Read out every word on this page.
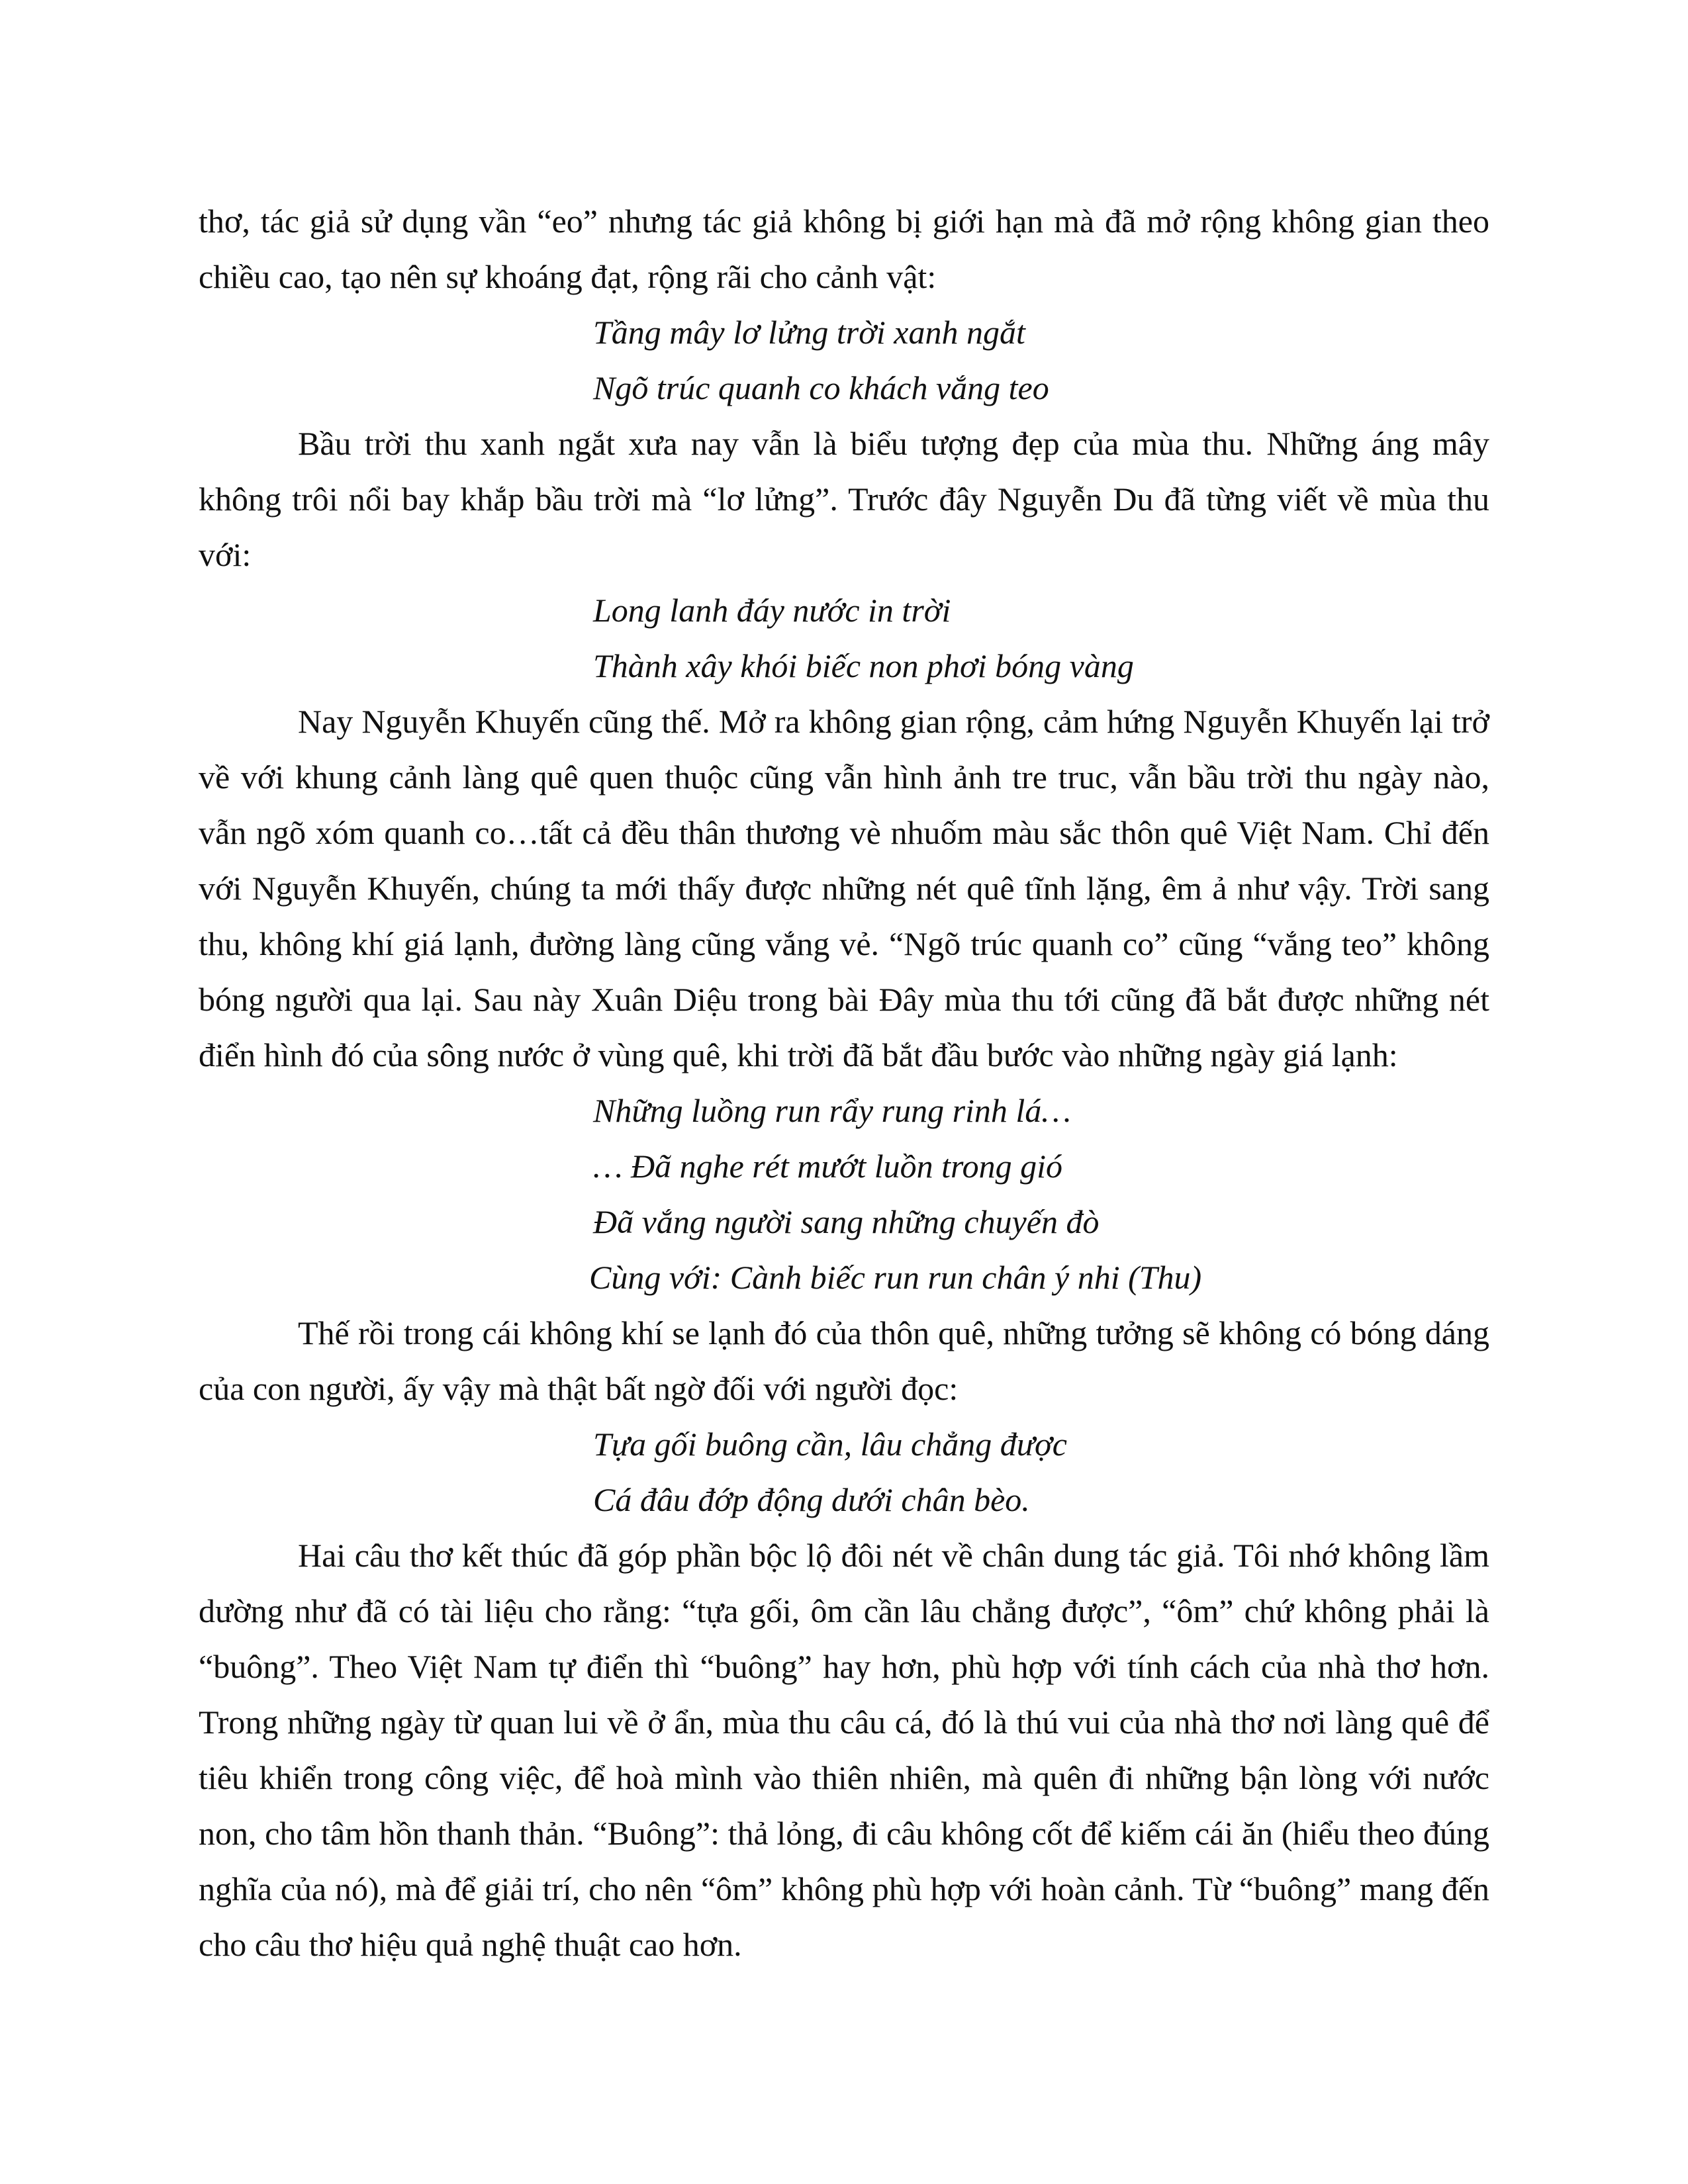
thơ, tác giả sử dụng vần “eo” nhưng tác giả không bị giới hạn mà đã mở rộng không gian theo chiều cao, tạo nên sự khoáng đạt, rộng rãi cho cảnh vật:

Tầng mây lơ lửng trời xanh ngắt

Ngõ trúc quanh co khách vắng teo

Bầu trời thu xanh ngắt xưa nay vẫn là biểu tượng đẹp của mùa thu. Những áng mây không trôi nổi bay khắp bầu trời mà “lơ lửng”. Trước đây Nguyễn Du đã từng viết về mùa thu với:

Long lanh đáy nước in trời

Thành xây khói biếc non phơi bóng vàng

Nay Nguyễn Khuyến cũng thế. Mở ra không gian rộng, cảm hứng Nguyễn Khuyến lại trở về với khung cảnh làng quê quen thuộc cũng vẫn hình ảnh tre truc, vẫn bầu trời thu ngày nào, vẫn ngõ xóm quanh co…tất cả đều thân thương vè nhuốm màu sắc thôn quê Việt Nam. Chỉ đến với Nguyễn Khuyến, chúng ta mới thấy được những nét quê tĩnh lặng, êm ả như vậy. Trời sang thu, không khí giá lạnh, đường làng cũng vắng vẻ. “Ngõ trúc quanh co” cũng “vắng teo” không bóng người qua lại. Sau này Xuân Diệu trong bài Đây mùa thu tới cũng đã bắt được những nét điển hình đó của sông nước ở vùng quê, khi trời đã bắt đầu bước vào những ngày giá lạnh:

Những luồng run rẩy rung rinh lá…

… Đã nghe rét mướt luồn trong gió

Đã vắng người sang những chuyến đò

Cùng với: Cành biếc run run chân ý nhi (Thu)

Thế rồi trong cái không khí se lạnh đó của thôn quê, những tưởng sẽ không có bóng dáng của con người, ấy vậy mà thật bất ngờ đối với người đọc:

Tựa gối buông cần, lâu chẳng được

Cá đâu đớp động dưới chân bèo.

Hai câu thơ kết thúc đã góp phần bộc lộ đôi nét về chân dung tác giả. Tôi nhớ không lầm dường như đã có tài liệu cho rằng: “tựa gối, ôm cần lâu chẳng được”, “ôm” chứ không phải là “buông”. Theo Việt Nam tự điển thì “buông” hay hơn, phù hợp với tính cách của nhà thơ hơn. Trong những ngày từ quan lui về ở ẩn, mùa thu câu cá, đó là thú vui của nhà thơ nơi làng quê để tiêu khiển trong công việc, để hoà mình vào thiên nhiên, mà quên đi những bận lòng với nước non, cho tâm hồn thanh thản. “Buông”: thả lỏng, đi câu không cốt để kiếm cái ăn (hiểu theo đúng nghĩa của nó), mà để giải trí, cho nên “ôm” không phù hợp với hoàn cảnh. Từ “buông” mang đến cho câu thơ hiệu quả nghệ thuật cao hơn.
